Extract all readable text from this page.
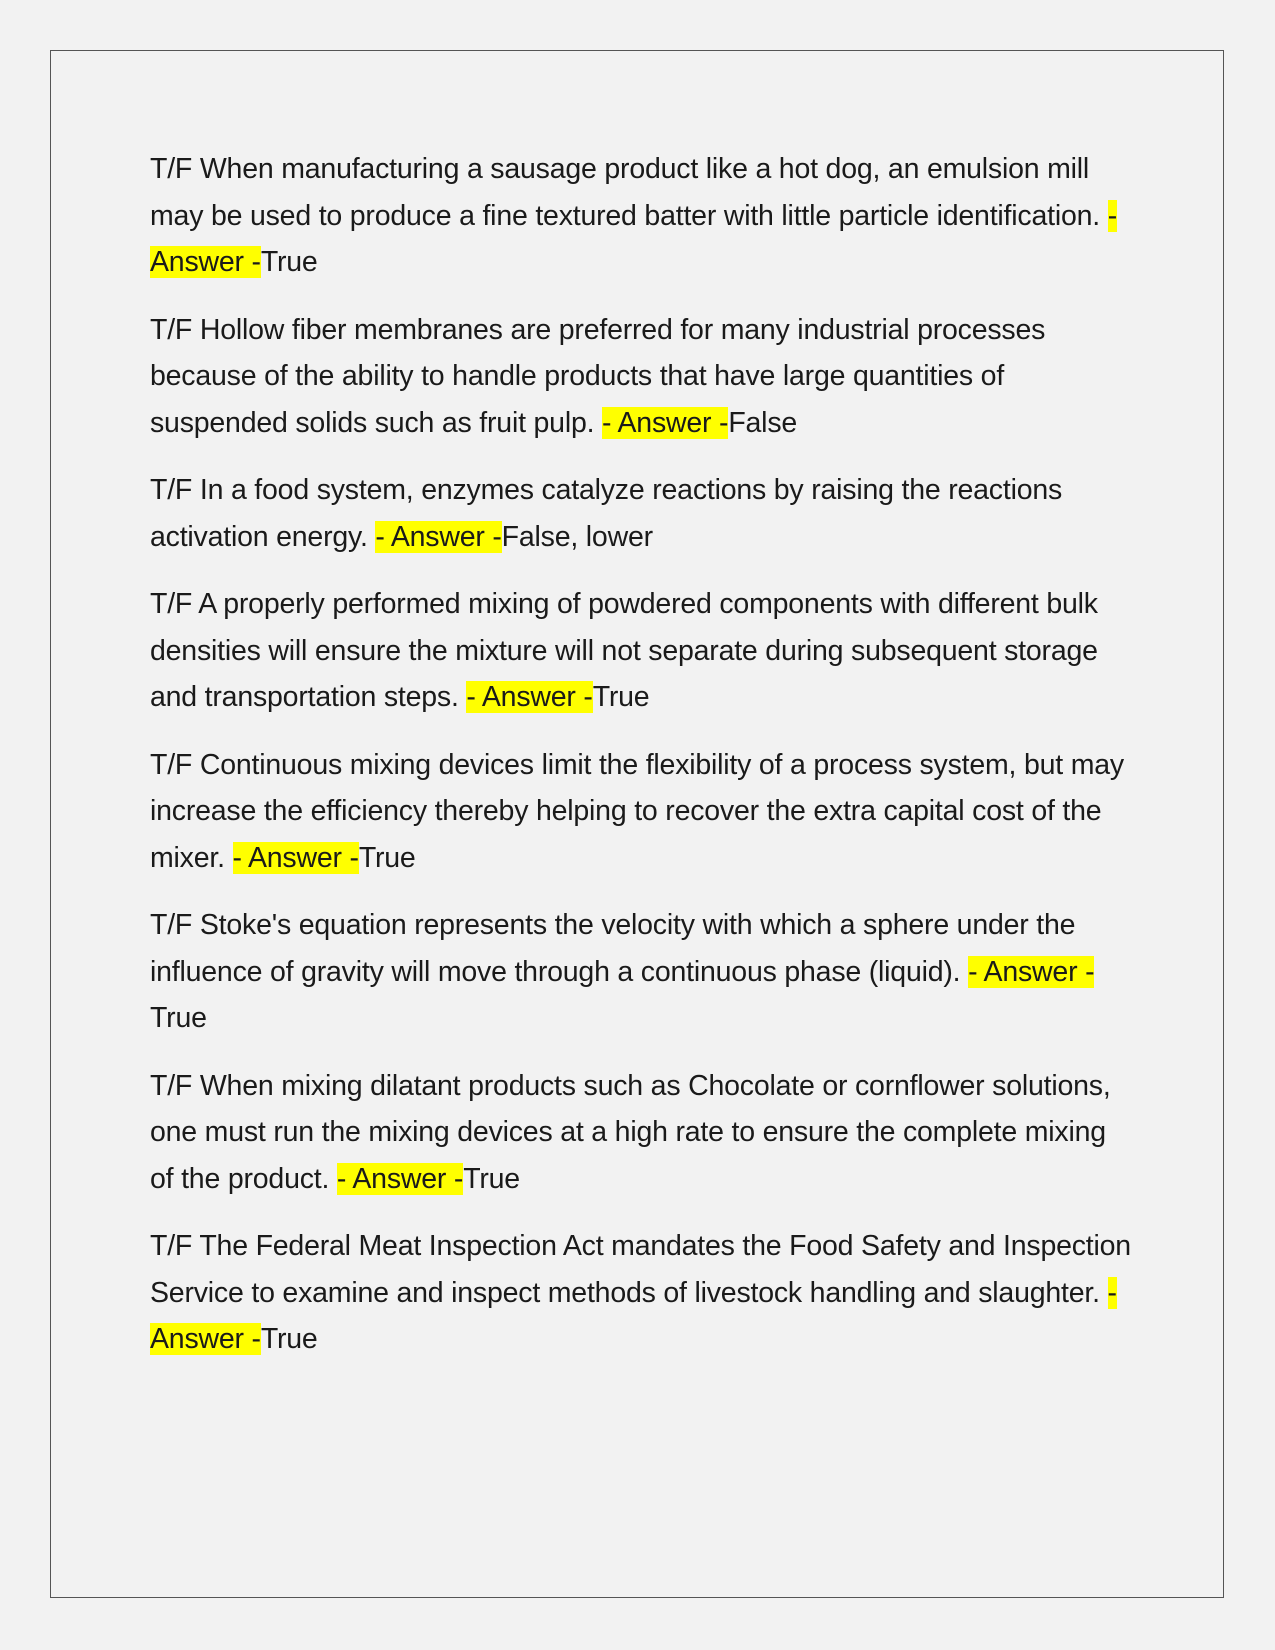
T/F When manufacturing a sausage product like a hot dog, an emulsion mill may be used to produce a fine textured batter with little particle identification. - Answer -True

T/F Hollow fiber membranes are preferred for many industrial processes because of the ability to handle products that have large quantities of suspended solids such as fruit pulp. - Answer -False

T/F In a food system, enzymes catalyze reactions by raising the reactions activation energy. - Answer -False, lower

T/F A properly performed mixing of powdered components with different bulk densities will ensure the mixture will not separate during subsequent storage and transportation steps. - Answer -True

T/F Continuous mixing devices limit the flexibility of a process system, but may increase the efficiency thereby helping to recover the extra capital cost of the mixer. - Answer -True

T/F Stoke's equation represents the velocity with which a sphere under the influence of gravity will move through a continuous phase (liquid). - Answer -True

T/F When mixing dilatant products such as Chocolate or cornflower solutions, one must run the mixing devices at a high rate to ensure the complete mixing of the product. - Answer -True

T/F The Federal Meat Inspection Act mandates the Food Safety and Inspection Service to examine and inspect methods of livestock handling and slaughter. - Answer -True
